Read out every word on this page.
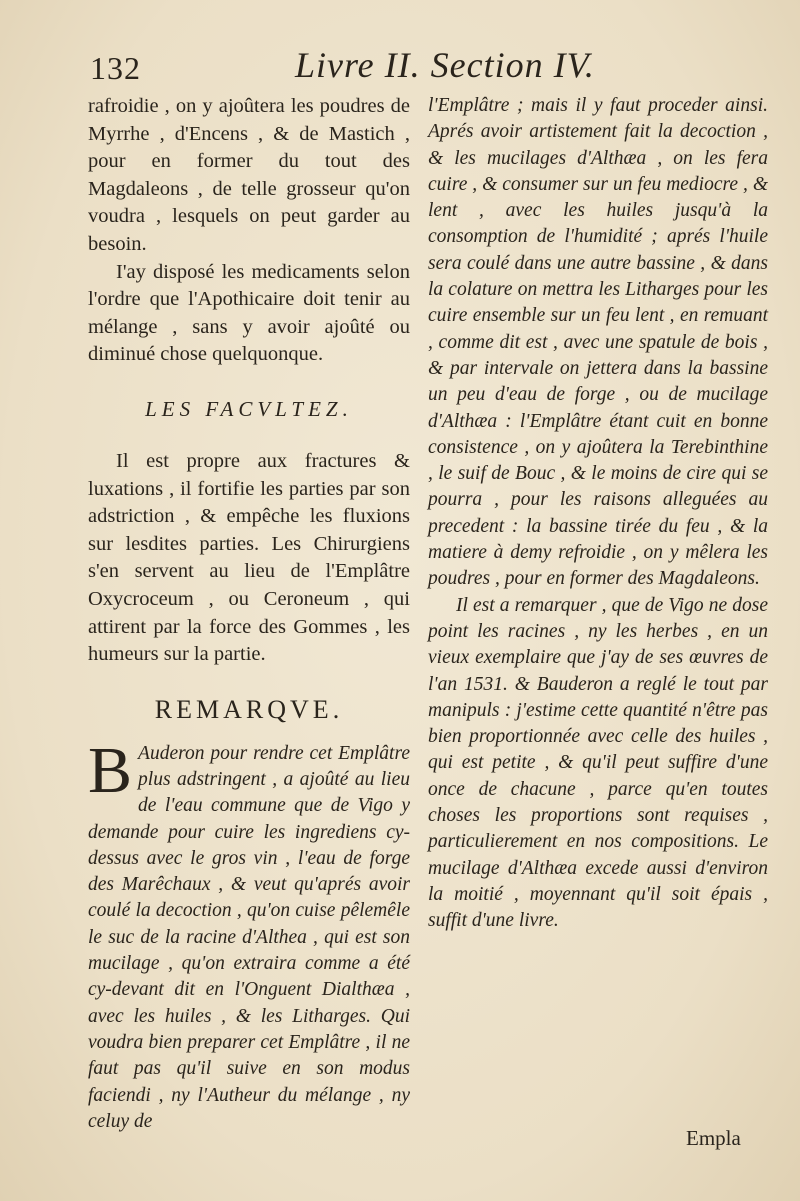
132	Livre II. Section IV.

rafroidie , on y ajoûtera les poudres de Myrrhe , d'Encens , & de Mastich , pour en former du tout des Magdaleons , de telle grosseur qu'on voudra , lesquels on peut garder au besoin.

I'ay disposé les medicaments selon l'ordre que l'Apothicaire doit tenir au mélange , sans y avoir ajoûté ou diminué chose quelquonque.

LES FACVLTEZ.

Il est propre aux fractures & luxations , il fortifie les parties par son adstriction , & empêche les fluxions sur lesdites parties. Les Chirurgiens s'en servent au lieu de l'Emplâtre Oxycroceum , ou Ceroneum , qui attirent par la force des Gommes , les humeurs sur la partie.

REMARQVE.

B Auderon pour rendre cet Emplâtre plus adstringent , a ajoûté au lieu de l'eau commune que de Vigo y demande pour cuire les ingrediens cy-dessus avec le gros vin , l'eau de forge des Marêchaux , & veut qu'aprés avoir coulé la decoction , qu'on cuise pêlemêle le suc de la racine d'Althea , qui est son mucilage , qu'on extraira comme a été cy-devant dit en l'Onguent Dialthæa , avec les huiles , & les Litharges. Qui voudra bien preparer cet Emplâtre , il ne faut pas qu'il suive en son modus faciendi , ny l'Autheur du mélange , ny celuy de

l'Emplâtre ; mais il y faut proceder ainsi. Aprés avoir artistement fait la decoction , & les mucilages d'Althæa , on les fera cuire , & consumer sur un feu mediocre , & lent , avec les huiles jusqu'à la consomption de l'humidité ; aprés l'huile sera coulé dans une autre bassine , & dans la colature on mettra les Litharges pour les cuire ensemble sur un feu lent , en remuant , comme dit est , avec une spatule de bois , & par intervale on jettera dans la bassine un peu d'eau de forge , ou de mucilage d'Althæa : l'Emplâtre étant cuit en bonne consistence , on y ajoûtera la Terebinthine , le suif de Bouc , & le moins de cire qui se pourra , pour les raisons alleguées au precedent : la bassine tirée du feu , & la matiere à demy refroidie , on y mêlera les poudres , pour en former des Magdaleons.

Il est a remarquer , que de Vigo ne dose point les racines , ny les herbes , en un vieux exemplaire que j'ay de ses œuvres de l'an 1531. & Bauderon a reglé le tout par manipuls : j'estime cette quantité n'être pas bien proportionnée avec celle des huiles , qui est petite , & qu'il peut suffire d'une once de chacune , parce qu'en toutes choses les proportions sont requises , particulierement en nos compositions. Le mucilage d'Althæa excede aussi d'environ la moitié , moyennant qu'il soit épais , suffit d'une livre.

Empla
